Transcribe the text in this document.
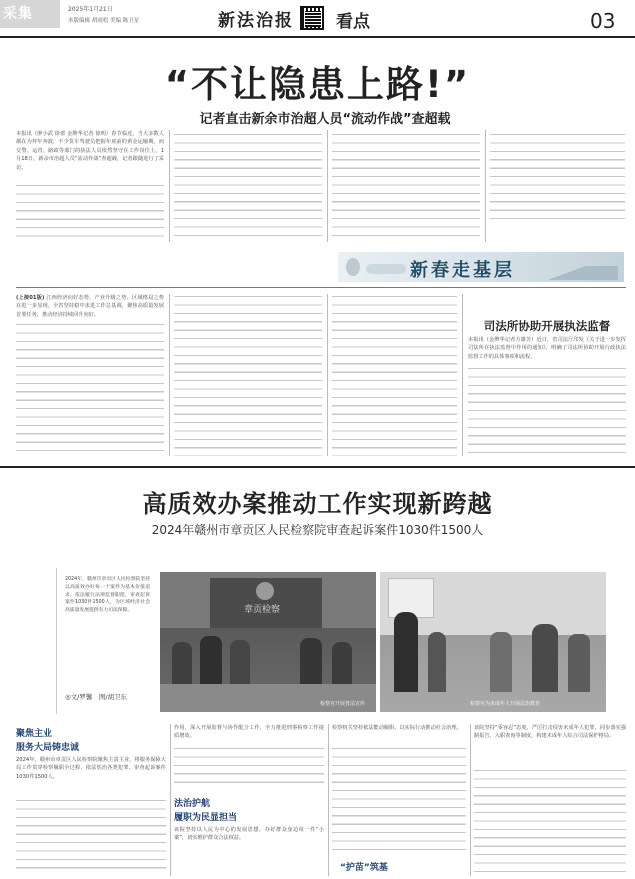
采集	2025年1月21日
本版编辑 胡雨松 美编 陈卫星	新法治报 看点	03
“不让隐患上路!”
记者直击新余市治超人员“流动作战”查超载
本报讯（廖小武 徐蕾 金牌华记者 徐明）春节临近，当大多数人都在为拜年奔波，不少货车驾驶员把握年底前的黄金运输期，而交警、运管、路政等部门的执法人员依然坚守在工作岗位上。1月18日，新余市治超人员“流动作战”查超载，记者跟随进行了采访。
新春走基层
(上接01版) 江西经济向好态势，产业升级之势、区域格局之势在进一步显现。全省坚持稳中求进工作总基调，聚焦高质量发展首要任务，推动经济持续回升向好。
司法所协助开展执法监督
本报讯（金牌华记者方雄芳）近日，省司法厅印发《关于进一步发挥司法所在执法监督中作用的通知》，明确了司法所协助开展行政执法监督工作的具体事项和流程。
高质效办案推动工作实现新跨越
2024年赣州市章贡区人民检察院审查起诉案件1030件1500人
2024年，赣州市章贡区人民检察院坚持以高质效办好每一个案件为基本价值追求，依法履行法律监督职能，审查起诉案件1030件1500人，为区域经济社会高质量发展提供有力司法保障。
◎文/罗馨　图/胡卫东
章贡检察
检察官开展普法宣传	检察官为未成年人开展法治教育
聚焦主业
服务大局铸忠诚
2024年，赣州市章贡区人民检察院聚焦主责主业，将服务保障大局工作贯穿检察履职全过程，依法惩治各类犯罪，审查起诉案件1030件1500人。
作用，深入开展监督与协作配合工作，全力推进刑事检察工作提质增效。
法治护航
履职为民显担当
该院坚持以人民为中心的发展思想，办好群众身边每一件“小案”，切实维护群众合法权益。
检察机关坚持依法能动履职，以实际行动推动社会治理。
“护苗”筑基
该院坚持“零容忍”态度，严厉打击侵害未成年人犯罪，同步落实强制报告、入职查询等制度，构建未成年人综合司法保护格局。
